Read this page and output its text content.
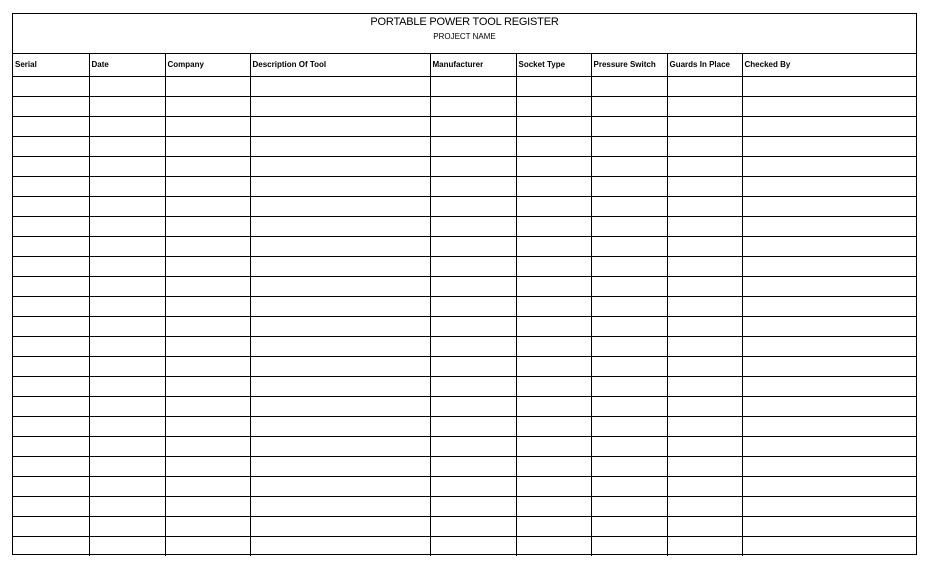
PORTABLE POWER TOOL REGISTER
PROJECT NAME
Serial	Date	Company	Description Of Tool	Manufacturer	Socket Type	Pressure Switch	Guards In Place	Checked By
